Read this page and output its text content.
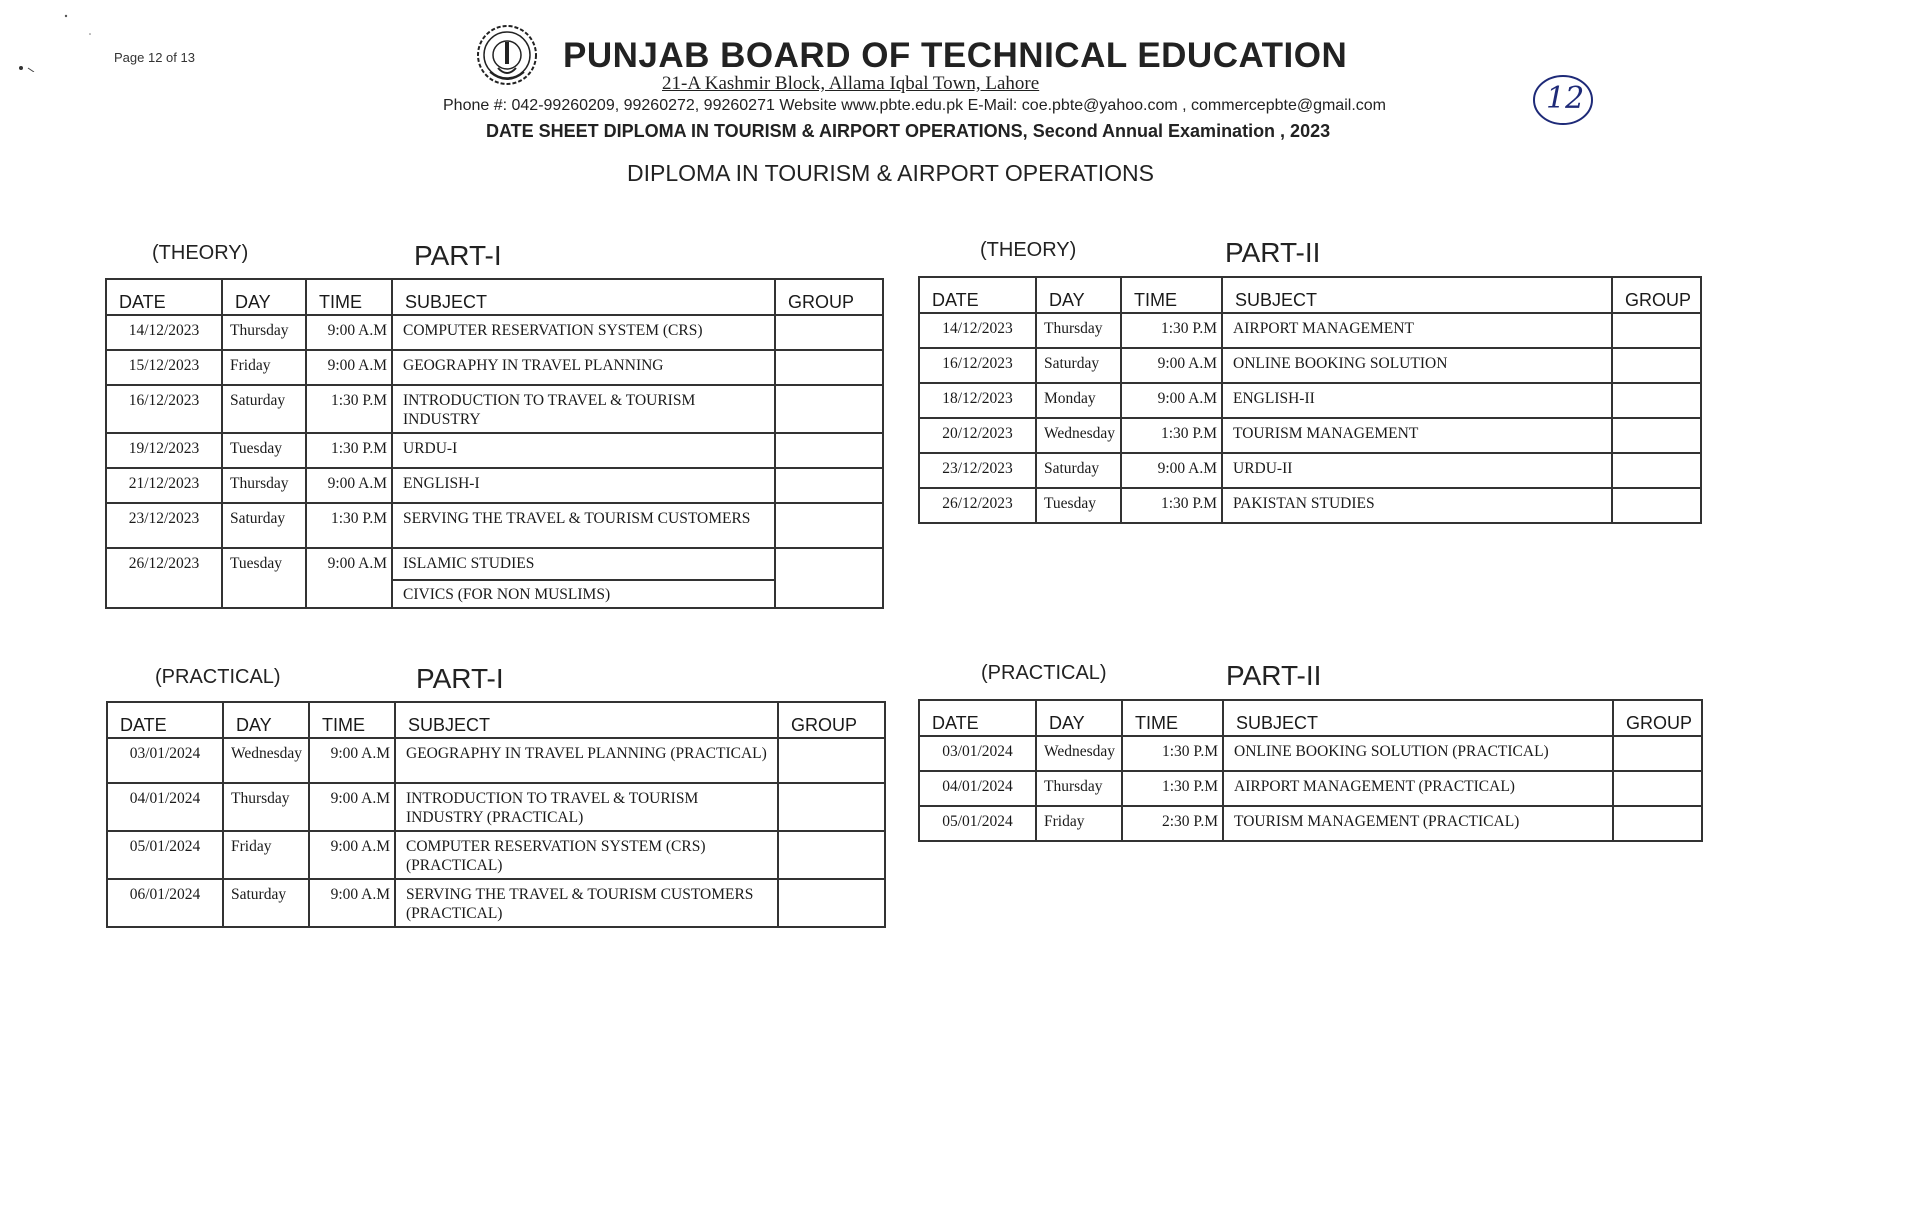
Page 12 of 13	PUNJAB BOARD OF TECHNICAL EDUCATION
21-A Kashmir Block, Allama Iqbal Town, Lahore
Phone #: 042-99260209, 99260272, 99260271 Website www.pbte.edu.pk E-Mail: coe.pbte@yahoo.com , commercepbte@gmail.com
DATE SHEET DIPLOMA IN TOURISM & AIRPORT OPERATIONS, Second Annual Examination , 2023
DIPLOMA IN TOURISM & AIRPORT OPERATIONS
12
(THEORY)	PART-I
DATE	DAY	TIME	SUBJECT	GROUP
14/12/2023	Thursday	9:00 A.M	COMPUTER RESERVATION SYSTEM (CRS)	
15/12/2023	Friday	9:00 A.M	GEOGRAPHY IN TRAVEL PLANNING	
16/12/2023	Saturday	1:30 P.M	INTRODUCTION TO TRAVEL & TOURISM INDUSTRY	
19/12/2023	Tuesday	1:30 P.M	URDU-I	
21/12/2023	Thursday	9:00 A.M	ENGLISH-I	
23/12/2023	Saturday	1:30 P.M	SERVING THE TRAVEL & TOURISM CUSTOMERS	
26/12/2023	Tuesday	9:00 A.M	ISLAMIC STUDIES
CIVICS (FOR NON MUSLIMS)	

(THEORY)	PART-II
DATE	DAY	TIME	SUBJECT	GROUP
14/12/2023	Thursday	1:30 P.M	AIRPORT MANAGEMENT	
16/12/2023	Saturday	9:00 A.M	ONLINE BOOKING SOLUTION	
18/12/2023	Monday	9:00 A.M	ENGLISH-II	
20/12/2023	Wednesday	1:30 P.M	TOURISM MANAGEMENT	
23/12/2023	Saturday	9:00 A.M	URDU-II	
26/12/2023	Tuesday	1:30 P.M	PAKISTAN STUDIES	
(PRACTICAL)	PART-I
DATE	DAY	TIME	SUBJECT	GROUP
03/01/2024	Wednesday	9:00 A.M	GEOGRAPHY IN TRAVEL PLANNING (PRACTICAL)	
04/01/2024	Thursday	9:00 A.M	INTRODUCTION TO TRAVEL & TOURISM INDUSTRY (PRACTICAL)	
05/01/2024	Friday	9:00 A.M	COMPUTER RESERVATION SYSTEM (CRS) (PRACTICAL)	
06/01/2024	Saturday	9:00 A.M	SERVING THE TRAVEL & TOURISM CUSTOMERS (PRACTICAL)	
(PRACTICAL)	PART-II
DATE	DAY	TIME	SUBJECT	GROUP
03/01/2024	Wednesday	1:30 P.M	ONLINE BOOKING SOLUTION (PRACTICAL)	
04/01/2024	Thursday	1:30 P.M	AIRPORT MANAGEMENT (PRACTICAL)	
05/01/2024	Friday	2:30 P.M	TOURISM MANAGEMENT (PRACTICAL)	
